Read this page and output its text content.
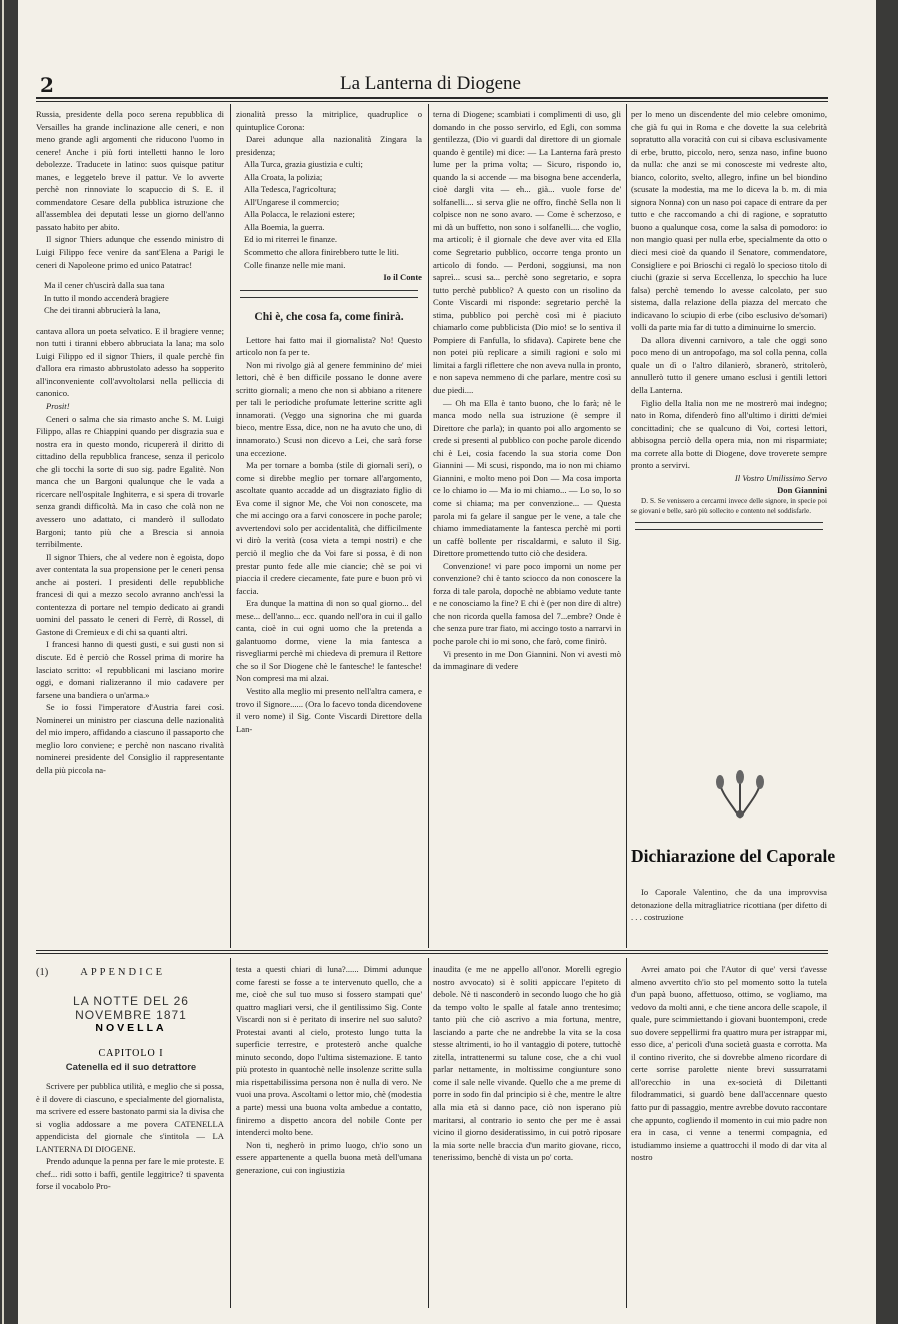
2	La Lanterna di Diogene

Russia, presidente della poco serena repubblica di Versailles ha grande inclinazione alle ceneri, e non meno grande agli argomenti che riducono l'uomo in cenere! Anche i più forti intelletti hanno le loro debolezze. Traducete in latino: suos quisque patitur manes, e leggetelo breve il pattur. Ve lo avverte perchè non rinnoviate lo scapuccio di S. E. il commendatore Cesare della pubblica istruzione che all'assemblea dei deputati lesse un giorno dell'anno passato habito per abito.

Il signor Thiers adunque che essendo ministro di Luigi Filippo fece venire da sant'Elena a Parigi le ceneri di Napoleone primo ed unico Patatrac!

Ma il cener ch'uscirà dalla sua tana

In tutto il mondo accenderà bragiere

Che dei tiranni abbrucierà la lana,

cantava allora un poeta selvatico. E il bragiere venne; non tutti i tiranni ebbero abbruciata la lana; ma solo Luigi Filippo ed il signor Thiers, il quale perchè fin d'allora era rimasto abbrustolato adesso ha sopperito all'inconveniente coll'avvoltolarsi nella pelliccia di canonico.

Prosit!

Ceneri o salma che sia rimasto anche S. M. Luigi Filippo, allas re Chiappini quando per disgrazia sua e nostra era in questo mondo, ricupererà il diritto di cittadino della repubblica francese, senza il pericolo che gli tocchi la sorte di suo sig. padre Egalitè. Non manca che un Bargoni qualunque che le vada a ricercare nell'ospitale Inghiterra, e si spera di trovarle senza grandi difficoltà. Ma in caso che colà non ne avessero uno adattato, ci manderò il sullodato Bargoni; tanto più che a Brescia si annoia terribilmente.

Il signor Thiers, che al vedere non è egoista, dopo aver contentata la sua propensione per le ceneri pensa anche ai posteri. I presidenti delle repubbliche francesi di qui a mezzo secolo avranno anch'essi la contentezza di portare nel tempio dedicato ai grandi uomini del passato le ceneri di Ferrè, di Rossel, di Gastone di Cremieux e di chi sa quanti altri.

I francesi hanno di questi gusti, e sui gusti non si discute. Ed è perciò che Rossel prima di morire ha lasciato scritto: «I repubblicani mi lasciano morire oggi, e domani rializeranno il mio cadavere per farsene una bandiera o un'arma.»

Se io fossi l'imperatore d'Austria farei così. Nominerei un ministro per ciascuna delle nazionalità del mio impero, affidando a ciascuno il passaporto che meglio loro conviene; e perchè non nascano rivalità nominerei presidente del Consiglio il rappresentante della più piccola na-

zionalità presso la mitriplice, quadruplice o quintuplice Corona:

Darei adunque alla nazionalità Zingara la presidenza;

Alla Turca, grazia giustizia e culti;

Alla Croata, la polizia;

Alla Tedesca, l'agricoltura;

All'Ungarese il commercio;

Alla Polacca, le relazioni estere;

Alla Boemia, la guerra.

Ed io mi riterrei le finanze.

Scommetto che allora finirebbero tutte le liti.

Colle finanze nelle mie mani.

Io il Conte

Chi è, che cosa fa, come finirà.

Lettore hai fatto mai il giornalista? No! Questo articolo non fa per te.

Non mi rivolgo già al genere femminino de' miei lettori, chè è ben difficile possano le donne avere scritto giornali; a meno che non si abbiano a ritenere per tali le periodiche profumate letterine scritte agli innamorati. (Veggo una signorina che mi guarda bieco, mentre Essa, dice, non ne ha avuto che uno, di innamorato.) Scusi non dicevo a Lei, che sarà forse una eccezione.

Ma per tornare a bomba (stile di giornali seri), o come si direbbe meglio per tornare all'argomento, ascoltate quanto accadde ad un disgraziato figlio di Eva come il signor Me, che Voi non conoscete, ma che mi accingo ora a farvi conoscere in poche parole; avvertendovi solo per accidentalità, che difficilmente vi dirò la verità (cosa vieta a tempi nostri) e che perciò il meglio che da Voi fare si possa, è di non prestar punto fede alle mie ciancie; chè se poi vi piaccia il credere ciecamente, fate pure e buon prò vi faccia.

Era dunque la mattina di non so qual giorno... del mese... dell'anno... ecc. quando nell'ora in cui il gallo canta, cioè in cui ogni uomo che la pretenda a galantuomo dorme, viene la mia fantesca a risvegliarmi perchè mi chiedeva di premura il Rettore che so il Sor Diogene chè le fantesche! le fantesche! Non compresi ma mi alzai.

Vestito alla meglio mi presento nell'altra camera, e trovo il Signore...... (Ora lo facevo tonda dicendovene il vero nome) il Sig. Conte Viscardi Direttore della Lan-

terna di Diogene; scambiati i complimenti di uso, gli domando in che posso servirlo, ed Egli, con somma gentilezza, (Dio vi guardi dal direttore di un giornale quando è gentile) mi dice: — La Lanterna farà presto lume per la prima volta; — Sicuro, rispondo io, quando la si accende — ma bisogna bene accenderla, cioè dargli vita — eh... già... vuole forse de' solfanelli.... si serva glie ne offro, finchè Sella non li colpisce non ne sono avaro. — Come è scherzoso, e mi dà un buffetto, non sono i solfanelli.... che voglio, ma articoli; è il giornale che deve aver vita ed Ella come Segretario pubblico, occorre tenga pronto un articolo di fondo. — Perdoni, soggiunsi, ma non sapreì... scusi sa... perchè sono segretario, e sopra tutto perchè pubblico? A questo con un risolino da Conte Viscardi mi risponde: segretario perchè la stima, pubblico poi perchè così mi è piaciuto chiamarlo come pubblicista (Dio mio! se lo sentiva il Pompiere di Fanfulla, lo sfidava). Capirete bene che non potei più replicare a simili ragioni e solo mi limitai a fargli riflettere che non aveva nulla in pronto, e non sapeva nemmeno di che parlare, mentre così su due piedi....

— Oh ma Ella è tanto buono, che lo farà; nè le manca modo nella sua istruzione (è sempre il Direttore che parla); in quanto poi allo argomento se crede si presenti al pubblico con poche parole dicendo chi è Lei, cosia facendo la sua storia come Don Giannini — Mi scusi, rispondo, ma io non mi chiamo Giannini, e molto meno poi Don — Ma cosa importa ce lo chiamo io — Ma io mi chiamo... — Lo so, lo so come si chiama; ma per convenzione... — Questa parola mi fa gelare il sangue per le vene, a tale che chiamo immediatamente la fantesca perchè mi porti un caffè bollente per riscaldarmi, e saluto il Sig. Direttore promettendo tutto ciò che desidera.

Convenzione! vi pare poco imporni un nome per convenzione? chi è tanto sciocco da non conoscere la forza di tale parola, dopochè ne abbiamo vedute tante e ne conosciamo la fine? E chi è (per non dire di altre) che non ricorda quella famosa del 7...embre? Onde è che senza pure trar fiato, mi accingo tosto a narrarvi in poche parole chi io mi sono, che farò, come finirò.

Vi presento in me Don Giannini. Non vi avesti mò da immaginare di vedere

per lo meno un discendente del mio celebre omonimo, che già fu qui in Roma e che dovette la sua celebrità sopratutto alla voracità con cui si cibava esclusivamente di erbe, brutto, piccolo, nero, senza naso, infine buono da nulla: che anzi se mi conosceste mi vedreste alto, bianco, colorito, svelto, allegro, infine un bel biondino (scusate la modestia, ma me lo diceva la b. m. di mia signora Nonna) con un naso poi capace di entrare da per tutto e che raccomando a chi di ragione, e sopratutto buono a qualunque cosa, come la salsa di pomodoro: io non mangio quasi per nulla erbe, specialmente da otto o dieci mesi cioè da quando il Senatore, commendatore, Consigliere e poi Brioschi ci regalò lo specioso titolo di ciuchi (grazie si serva Eccellenza, lo specchio ha luce falsa) perchè temendo lo avesse calcolato, per suo sistema, dalla relazione della piazza del mercato che indicavano lo sciupio di erbe (cibo esclusivo de'somari) volli da parte mia far di tutto a diminuirne lo smercio.

Da allora divenni carnivoro, a tale che oggi sono poco meno di un antropofago, ma sol colla penna, colla quale un dì o l'altro dilanierò, sbranerò, stritolerò, annullerò tutto il genere umano esclusi i gentili lettori della Lanterna.

Figlio della Italia non me ne mostrerò mai indegno; nato in Roma, difenderò fino all'ultimo i diritti de'miei concittadini; che se qualcuno di Voi, cortesi lettori, abbisogna perciò della opera mia, non mi risparmiate; ma correte alla botte di Diogene, dove troverete sempre pronto a servirvi.

Il Vostro Umilissimo Servo

Don Giannini

D. S. Se venissero a cercarmi invece delle signore, in specie poi se giovani e belle, sarò più sollecito e contento nel soddisfarle.

Dichiarazione del Caporale

Io Caporale Valentino, che da una improvvisa detonazione della mitragliatrice ricottiana (per difetto di . . . costruzione

(1)	APPENDICE
LA NOTTE DEL 26 NOVEMBRE 1871
NOVELLA
CAPITOLO I
Catenella ed il suo detrattore

Scrivere per pubblica utilità, e meglio che si possa, è il dovere di ciascuno, e specialmente del giornalista, ma scrivere ed essere bastonato parmi sia la divisa che si voglia addossare a me povera CATENELLA appendicista del giornale che s'intitola — LA LANTERNA DI DIOGENE.

Prendo adunque la penna per fare le mie proteste. E chef... ridi sotto i baffi, gentile leggitrice? ti spaventa forse il vocabolo Pro-

testa a questi chiari di luna?...... Dimmi adunque come faresti se fosse a te intervenuto quello, che a me, cioè che sul tuo muso si fossero stampati que' quattro magliari versi, che il gentilissimo Sig. Conte Viscardi non si è peritato di inserire nel suo saluto? Protestai avanti al cielo, protesto lungo tutta la superficie terrestre, e protesterò anche qualche minuto secondo, dopo l'ultima sistemazione. E tanto più protesto in quantochè nelle insolenze scritte sulla mia rispettabilissima persona non è nulla di vero. Ne vuoi una prova. Ascoltami o lettor mio, chè (modestia a parte) messi una buona volta ambedue a contatto, finiremo a dispetto ancora del nobile Conte per intenderci molto bene.

Non ti, negherò in primo luogo, ch'io sono un essere appartenente a quella buona metà dell'umana generazione, cui con ingiustizia

inaudita (e me ne appello all'onor. Morelli egregio nostro avvocato) si è soliti appiccare l'epiteto di debole. Nè ti nasconderò in secondo luogo che ho già da tempo volto le spalle al fatale anno trentesimo; tanto più che ciò ascrivo a mia fortuna, mentre, lasciando a parte che ne andrebbe la vita se la cosa stesse altrimenti, io ho il vantaggio di potere, tuttochè zitella, intrattenermi su talune cose, che a chi vuol parlar nettamente, in moltissime congiunture sono come il sale nelle vivande. Quello che a me preme di porre in sodo fin dal principio si è che, mentre le altre alla mia età si danno pace, ciò non isperano più maritarsi, al contrario io sento che per me è assai vicino il giorno desideratissimo, in cui potrò riposare la mia sorte nelle braccia d'un marito giovane, ricco, tenerissimo, benchè di vista un po' corta.

Avrei amato poi che l'Autor di que' versi t'avesse almeno avvertito ch'io sto pel momento sotto la tutela d'un papà buono, affettuoso, ottimo, se vogliamo, ma vedovo da molti anni, e che tiene ancora delle scapole, il quale, pure scimmiettando i giovani buontemponi, crede suo dovere seppellirmi fra quattro mura per istrappar mi, esso dice, a' pericoli d'una società guasta e corrotta. Ma il contino riverito, che si dovrebbe almeno ricordare di certe sorrise parolette niente brevi sussurratami all'orecchio in una ex-società di Dilettanti filodrammatici, si guardò bene dall'accennare questo fatto pur di passaggio, mentre avrebbe dovuto raccontare che appunto, cogliendo il momento in cui mio padre non era in casa, ci venne a tenermi compagnia, ed istudiammo insieme a quattrocchi il modo di dar vita al nostro
